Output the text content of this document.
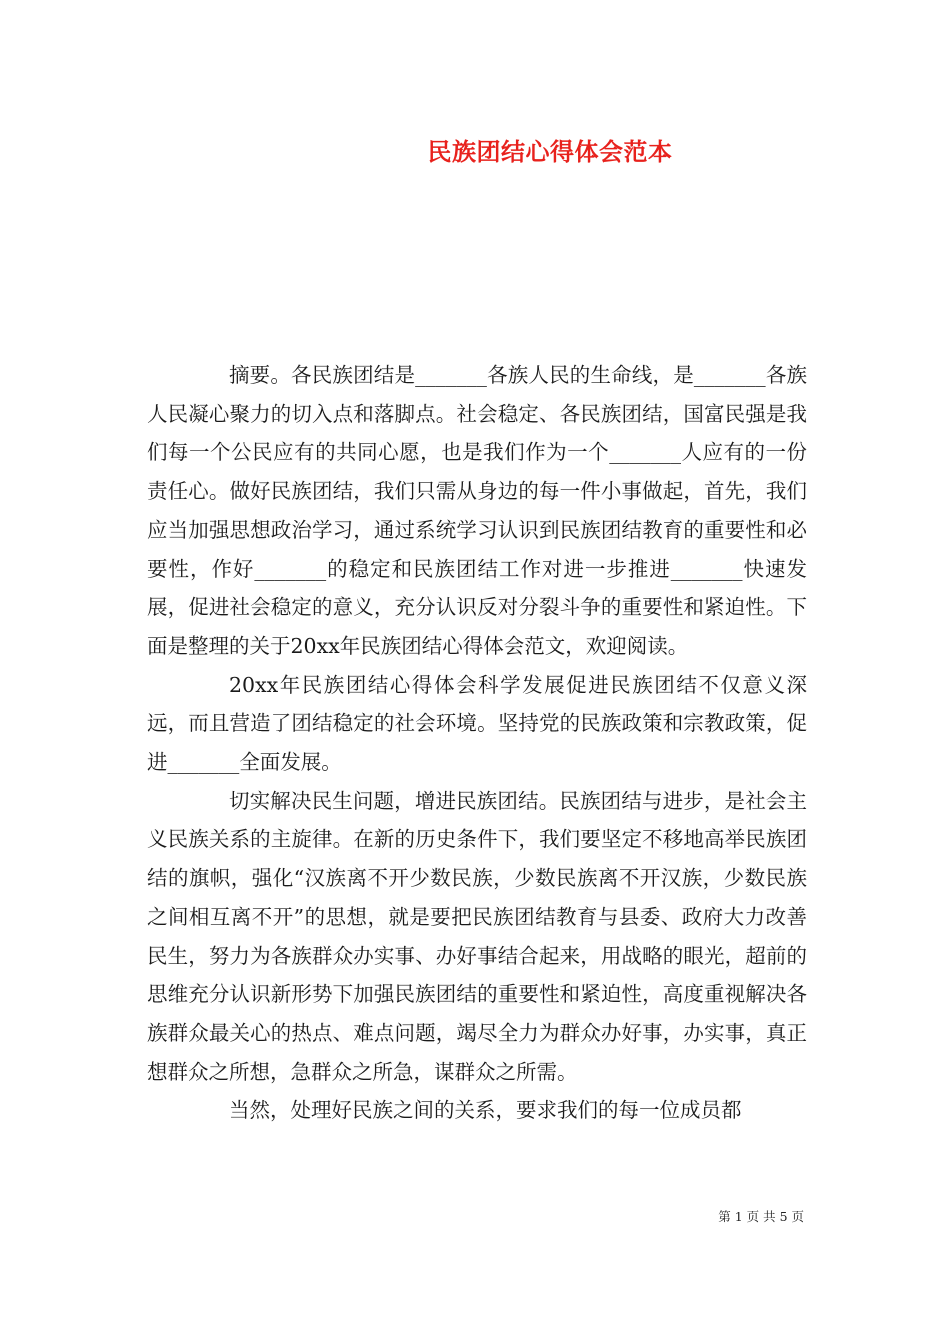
民族团结心得体会范本

摘要。各民族团结是_______各族人民的生命线，是_______各族人民凝心聚力的切入点和落脚点。社会稳定、各民族团结，国富民强是我们每一个公民应有的共同心愿，也是我们作为一个_______人应有的一份责任心。做好民族团结，我们只需从身边的每一件小事做起，首先，我们应当加强思想政治学习，通过系统学习认识到民族团结教育的重要性和必要性，作好_______的稳定和民族团结工作对进一步推进_______快速发展，促进社会稳定的意义，充分认识反对分裂斗争的重要性和紧迫性。下面是整理的关于20xx年民族团结心得体会范文，欢迎阅读。

20xx年民族团结心得体会科学发展促进民族团结不仅意义深远，而且营造了团结稳定的社会环境。坚持党的民族政策和宗教政策，促进_______全面发展。

切实解决民生问题，增进民族团结。民族团结与进步，是社会主义民族关系的主旋律。在新的历史条件下，我们要坚定不移地高举民族团结的旗帜，强化“汉族离不开少数民族，少数民族离不开汉族，少数民族之间相互离不开”的思想，就是要把民族团结教育与县委、政府大力改善民生，努力为各族群众办实事、办好事结合起来，用战略的眼光，超前的思维充分认识新形势下加强民族团结的重要性和紧迫性，高度重视解决各族群众最关心的热点、难点问题，竭尽全力为群众办好事，办实事，真正想群众之所想，急群众之所急，谋群众之所需。

当然，处理好民族之间的关系，要求我们的每一位成员都

第 1 页 共 5 页
